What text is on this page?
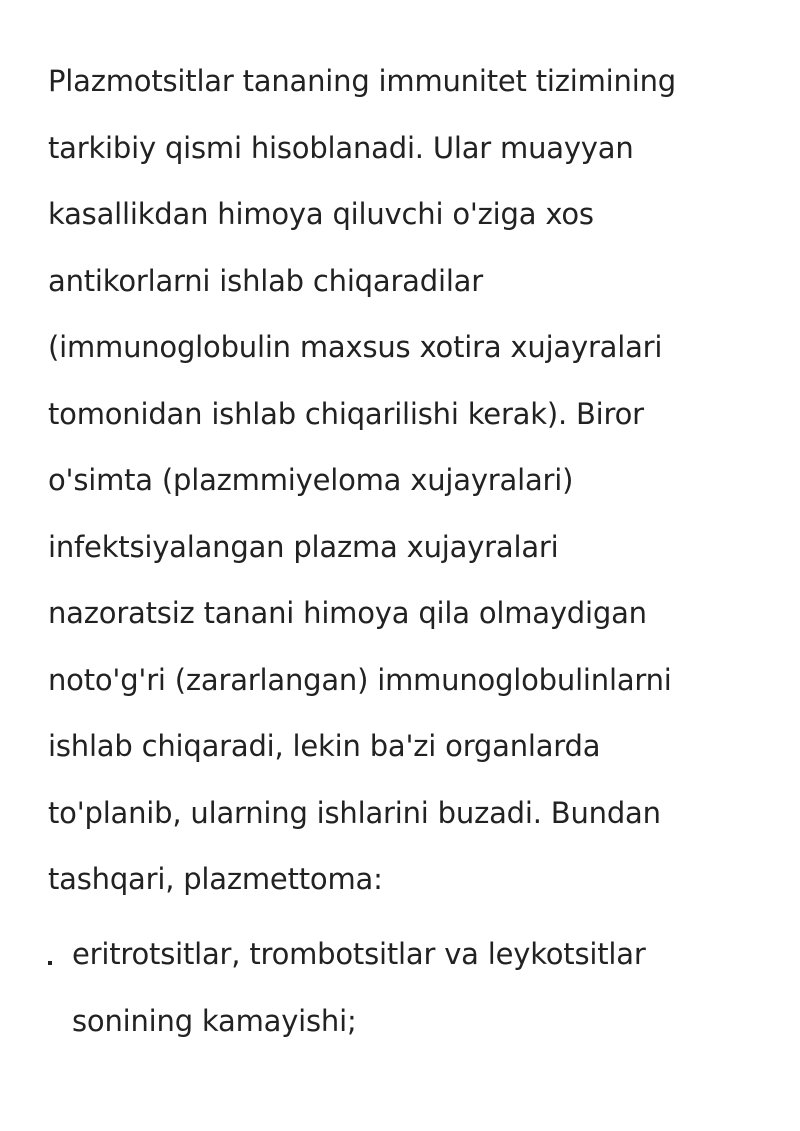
Plazmotsitlar tananing immunitet tizimining
tarkibiy qismi hisoblanadi. Ular muayyan
kasallikdan himoya qiluvchi o'ziga xos
antikorlarni ishlab chiqaradilar
(immunoglobulin maxsus xotira xujayralari
tomonidan ishlab chiqarilishi kerak). Biror
o'simta (plazmmiyeloma xujayralari)
infektsiyalangan plazma xujayralari
nazoratsiz tanani himoya qila olmaydigan
noto'g'ri (zararlangan) immunoglobulinlarni
ishlab chiqaradi, lekin ba'zi organlarda
to'planib, ularning ishlarini buzadi. Bundan
tashqari, plazmettoma:

eritrotsitlar, trombotsitlar va leykotsitlar
sonining kamayishi;
